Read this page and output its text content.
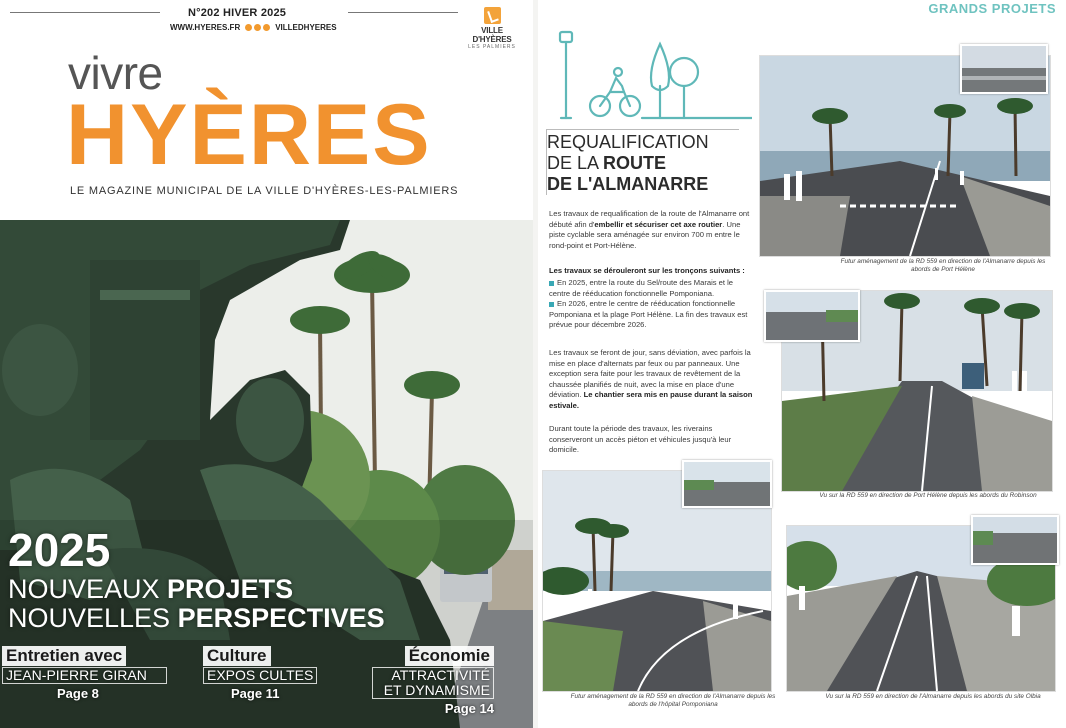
N°202 HIVER 2025
WWW.HYERES.FR	VILLEDHYERES	VILLE D'HYÈRES
LES PALMIERS
vivre
HYÈRES
LE MAGAZINE MUNICIPAL DE LA VILLE D'HYÈRES-LES-PALMIERS
2025
NOUVEAUX PROJETS
NOUVELLES PERSPECTIVES
Entretien avec
JEAN-PIERRE GIRAN
Page 8
Culture
EXPOS CULTES
Page 11
Économie
ATTRACTIVITÉ ET DYNAMISME
Page 14
GRANDS PROJETS
REQUALIFICATION
DE LA ROUTE
DE L'ALMANARRE
Les travaux de requalification de la route de l'Almanarre ont débuté afin d'embellir et sécuriser cet axe routier. Une piste cyclable sera aménagée sur environ 700 m entre le rond-point et Port-Hélène.
Les travaux se dérouleront sur les tronçons suivants :
En 2025, entre la route du Sel/route des Marais et le centre de rééducation fonctionnelle Pomponiana.
En 2026, entre le centre de rééducation fonctionnelle Pomponiana et la plage Port Hélène. La fin des travaux est prévue pour décembre 2026.
Les travaux se feront de jour, sans déviation, avec parfois la mise en place d'alternats par feux ou par panneaux. Une exception sera faite pour les travaux de revêtement de la chaussée planifiés de nuit, avec la mise en place d'une déviation. Le chantier sera mis en pause durant la saison estivale.
Durant toute la période des travaux, les riverains conserveront un accès piéton et véhicules jusqu'à leur domicile.
Futur aménagement de la RD 559 en direction de l'Almanarre depuis les abords de Port Hélène
Vu sur la RD 559 en direction de Port Hélène depuis les abords du Robinson
Futur aménagement de la RD 559 en direction de l'Almanarre depuis les abords de l'hôpital Pomponiana
Vu sur la RD 559 en direction de l'Almanarre depuis les abords du site Olbia
